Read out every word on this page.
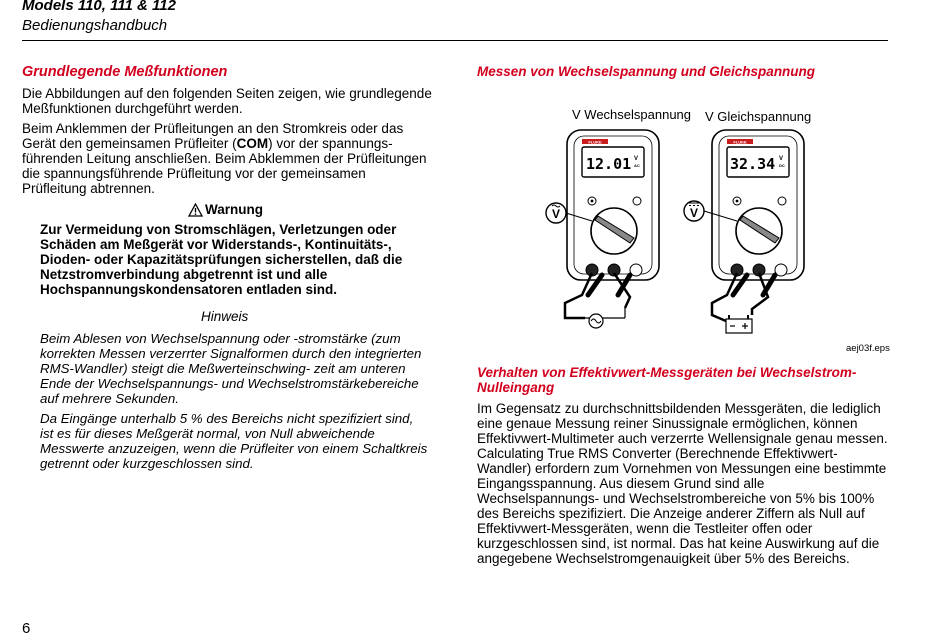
Models 110, 111 & 112
Bedienungshandbuch
Grundlegende Meßfunktionen
Die Abbildungen auf den folgenden Seiten zeigen, wie grundlegende Meßfunktionen durchgeführt werden.
Beim Anklemmen der Prüfleitungen an den Stromkreis oder das Gerät den gemeinsamen Prüfleiter (COM) vor der spannungs- führenden Leitung anschließen. Beim Abklemmen der Prüfleitungen die spannungsführende Prüfleitung vor der gemeinsamen Prüfleitung abtrennen.
Warnung
Zur Vermeidung von Stromschlägen, Verletzungen oder Schäden am Meßgerät vor Widerstands-, Kontinuitäts-, Dioden- oder Kapazitätsprüfungen sicherstellen, daß die Netzstromverbindung abgetrennt ist und alle Hochspannungskondensatoren entladen sind.
Hinweis
Beim Ablesen von Wechselspannung oder -stromstärke (zum korrekten Messen verzerrter Signalformen durch den integrierten RMS-Wandler) steigt die Meßwerteinschwing- zeit am unteren Ende der Wechselspannungs- und Wechselstromstärkebereiche auf mehrere Sekunden.
Da Eingänge unterhalb 5 % des Bereichs nicht spezifiziert sind, ist es für dieses Meßgerät normal, von Null abweichende Messwerte anzuzeigen, wenn die Prüfleiter von einem Schaltkreis getrennt oder kurzgeschlossen sind.
Messen von Wechselspannung und Gleichspannung
V Wechselspannung V Gleichspannung
FLUKE
12.01 V
AC
V
FLUKE
32.34 V
DC
V
aej03f.eps
Verhalten von Effektivwert-Messgeräten bei Wechselstrom-Nulleingang
Im Gegensatz zu durchschnittsbildenden Messgeräten, die lediglich eine genaue Messung reiner Sinussignale ermöglichen, können Effektivwert-Multimeter auch verzerrte Wellensignale genau messen. Calculating True RMS Converter (Berechnende Effektivwert-Wandler) erfordern zum Vornehmen von Messungen eine bestimmte Eingangsspannung. Aus diesem Grund sind alle Wechselspannungs- und Wechselstrombereiche von 5% bis 100% des Bereichs spezifiziert. Die Anzeige anderer Ziffern als Null auf Effektivwert-Messgeräten, wenn die Testleiter offen oder kurzgeschlossen sind, ist normal. Das hat keine Auswirkung auf die angegebene Wechselstromgenauigkeit über 5% des Bereichs.
6
